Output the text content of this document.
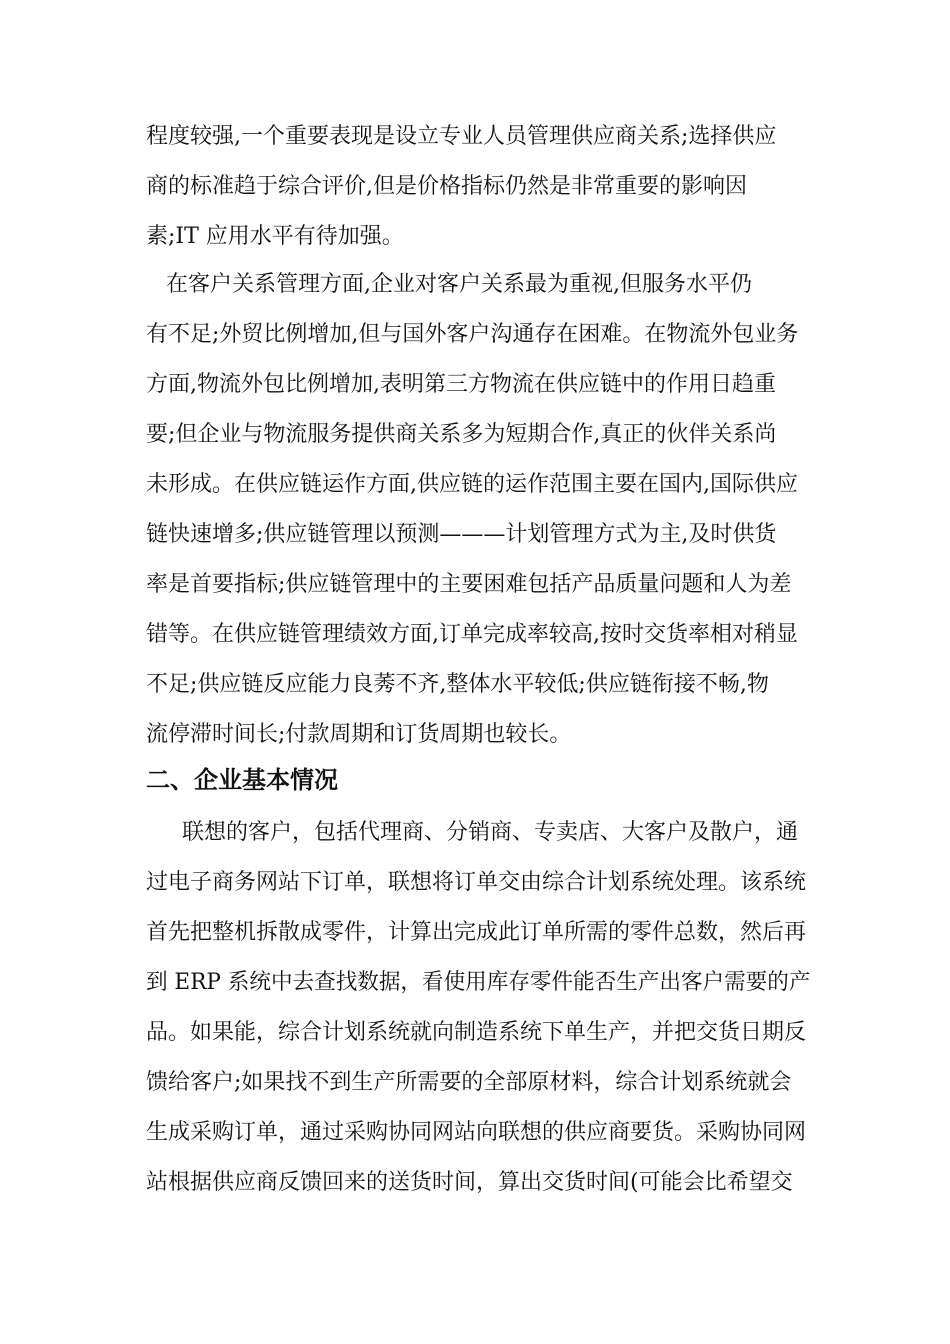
程度较强,一个重要表现是设立专业人员管理供应商关系;选择供应
商的标准趋于综合评价,但是价格指标仍然是非常重要的影响因
素;IT 应用水平有待加强。
在客户关系管理方面,企业对客户关系最为重视,但服务水平仍
有不足;外贸比例增加,但与国外客户沟通存在困难。在物流外包业务
方面,物流外包比例增加,表明第三方物流在供应链中的作用日趋重
要;但企业与物流服务提供商关系多为短期合作,真正的伙伴关系尚
未形成。在供应链运作方面,供应链的运作范围主要在国内,国际供应
链快速增多;供应链管理以预测———计划管理方式为主,及时供货
率是首要指标;供应链管理中的主要困难包括产品质量问题和人为差
错等。在供应链管理绩效方面,订单完成率较高,按时交货率相对稍显
不足;供应链反应能力良莠不齐,整体水平较低;供应链衔接不畅,物
流停滞时间长;付款周期和订货周期也较长。
二、企业基本情况
联想的客户，包括代理商、分销商、专卖店、大客户及散户，通
过电子商务网站下订单，联想将订单交由综合计划系统处理。该系统
首先把整机拆散成零件，计算出完成此订单所需的零件总数，然后再
到 ERP 系统中去查找数据，看使用库存零件能否生产出客户需要的产
品。如果能，综合计划系统就向制造系统下单生产，并把交货日期反
馈给客户;如果找不到生产所需要的全部原材料，综合计划系统就会
生成采购订单，通过采购协同网站向联想的供应商要货。采购协同网
站根据供应商反馈回来的送货时间，算出交货时间(可能会比希望交
